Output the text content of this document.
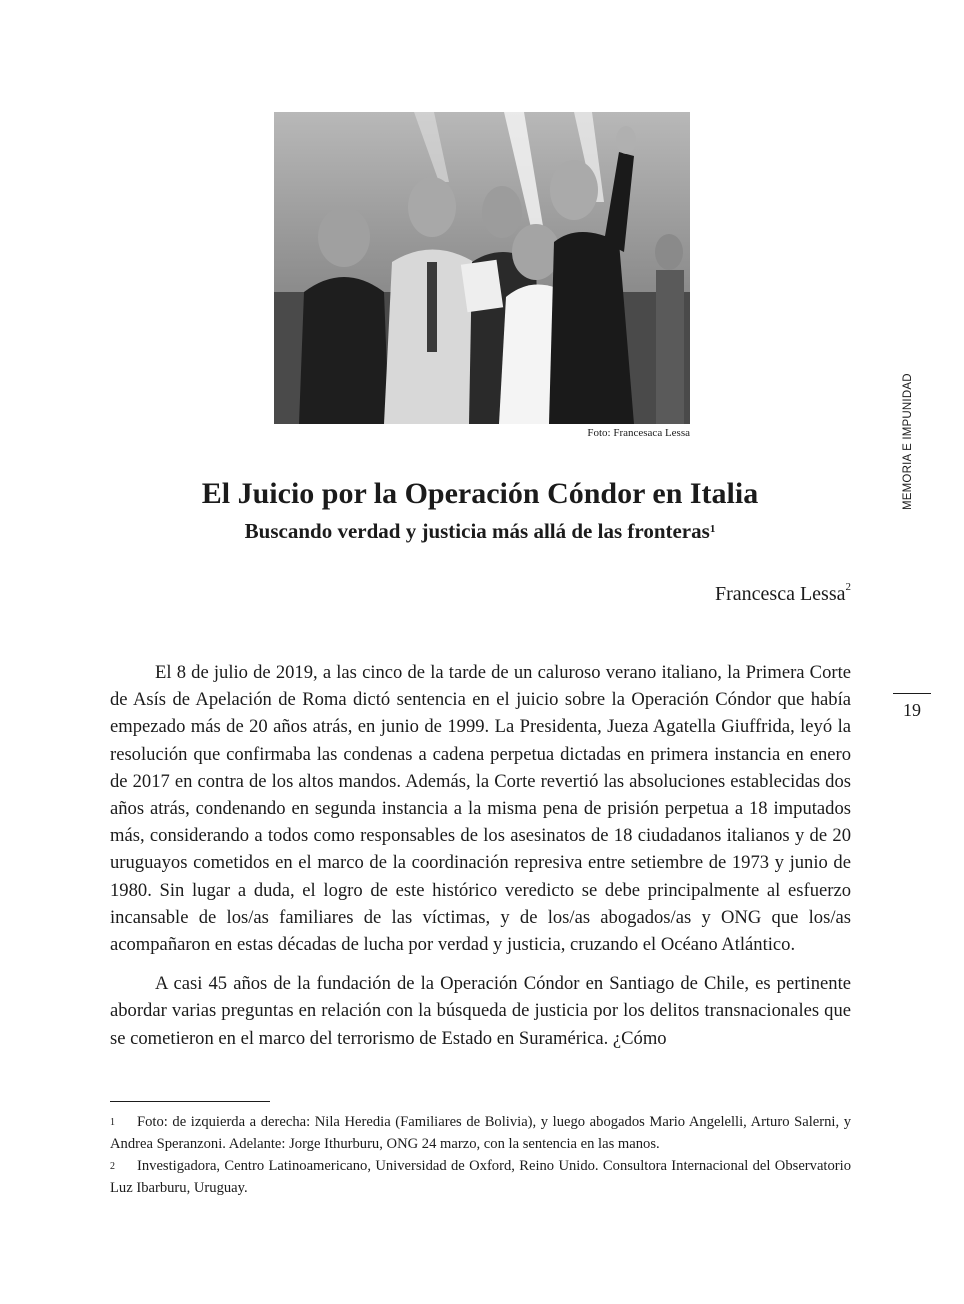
Foto: Francesaca Lessa
El Juicio por la Operación Cóndor en Italia
Buscando verdad y justicia más allá de las fronteras$^1$
Francesca Lessa$^2$

El 8 de julio de 2019, a las cinco de la tarde de un caluroso verano italiano, la Primera Corte de Asís de Apelación de Roma dictó sentencia en el juicio sobre la Operación Cóndor que había empezado más de 20 años atrás, en junio de 1999. La Presidenta, Jueza Agatella Giuffrida, leyó la resolución que confirmaba las condenas a cadena perpetua dictadas en primera instancia en enero de 2017 en contra de los altos mandos. Además, la Corte revertió las absoluciones establecidas dos años atrás, condenando en segunda instancia a la misma pena de prisión perpetua a 18 imputados más, considerando a todos como responsables de los asesinatos de 18 ciudadanos italianos y de 20 uruguayos cometidos en el marco de la coordinación represiva entre setiembre de 1973 y junio de 1980. Sin lugar a duda, el logro de este histórico veredicto se debe principalmente al esfuerzo incansable de los/as familiares de las víctimas, y de los/as abogados/as y ONG que los/as acompañaron en estas décadas de lucha por verdad y justicia, cruzando el Océano Atlántico.

A casi 45 años de la fundación de la Operación Cóndor en Santiago de Chile, es pertinente abordar varias preguntas en relación con la búsqueda de justicia por los delitos transnacionales que se cometieron en el marco del terrorismo de Estado en Suramérica. ¿Cómo

$^1$ Foto: de izquierda a derecha: Nila Heredia (Familiares de Bolivia), y luego abogados Mario Angelelli, Arturo Salerni, y Andrea Speranzoni. Adelante: Jorge Ithurburu, ONG 24 marzo, con la sentencia en las manos.

$^2$ Investigadora, Centro Latinoamericano, Universidad de Oxford, Reino Unido. Consultora Internacional del Observatorio Luz Ibarburu, Uruguay.

MEMORIA E IMPUNIDAD
19
